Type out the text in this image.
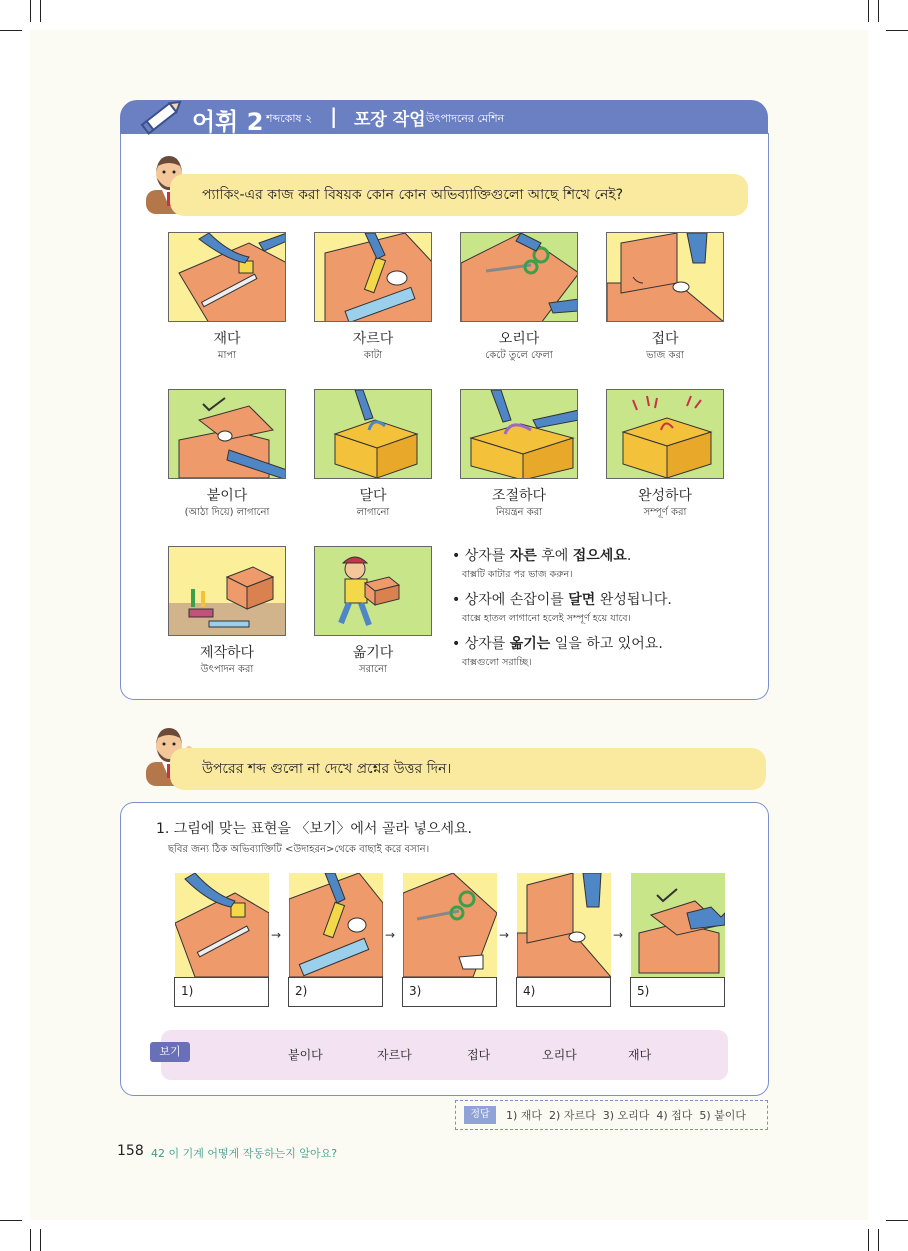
어휘 2 শব্দকোষ ২ | 포장 작업 উৎপাদনের মেশিন
প্যাকিং-এর কাজ করা বিষয়ক কোন কোন অভিব্যাক্তিগুলো আছে শিখে নেই?
재다
মাপা
자르다
কাটা
오리다
কেটে তুলে ফেলা
접다
ভাজ করা
붙이다
(আঠা দিয়ে) লাগানো
달다
লাগানো
조절하다
নিয়ন্ত্রন করা
완성하다
সম্পূর্ণ করা
제작하다
উৎপাদন করা
옮기다
সরানো
• 상자를 자른 후에 접으세요.
বাক্সটি কাটার পর ভাজ করুন।
• 상자에 손잡이를 달면 완성됩니다.
বাক্সে হাতল লাগানো হলেই সম্পূর্ণ হয়ে যাবে।
• 상자를 옮기는 일을 하고 있어요.
বাক্সগুলো সরাচ্ছি।
উপরের শব্দ গুলো না দেখে প্রশ্নের উত্তর দিন।
1. 그림에 맞는 표현을 〈보기〉에서 골라 넣으세요.
ছবির জন্য ঠিক অভিব্যাক্তিটি <উদাহরন>থেকে বাছাই করে বসান।
→	→	→	→
1)	2)	3)	4)	5)
보기	붙이다	자르다	접다	오리다	재다
정답	1) 재다  2) 자르다  3) 오리다  4) 접다  5) 붙이다
158 42 이 기계 어떻게 작동하는지 알아요?
